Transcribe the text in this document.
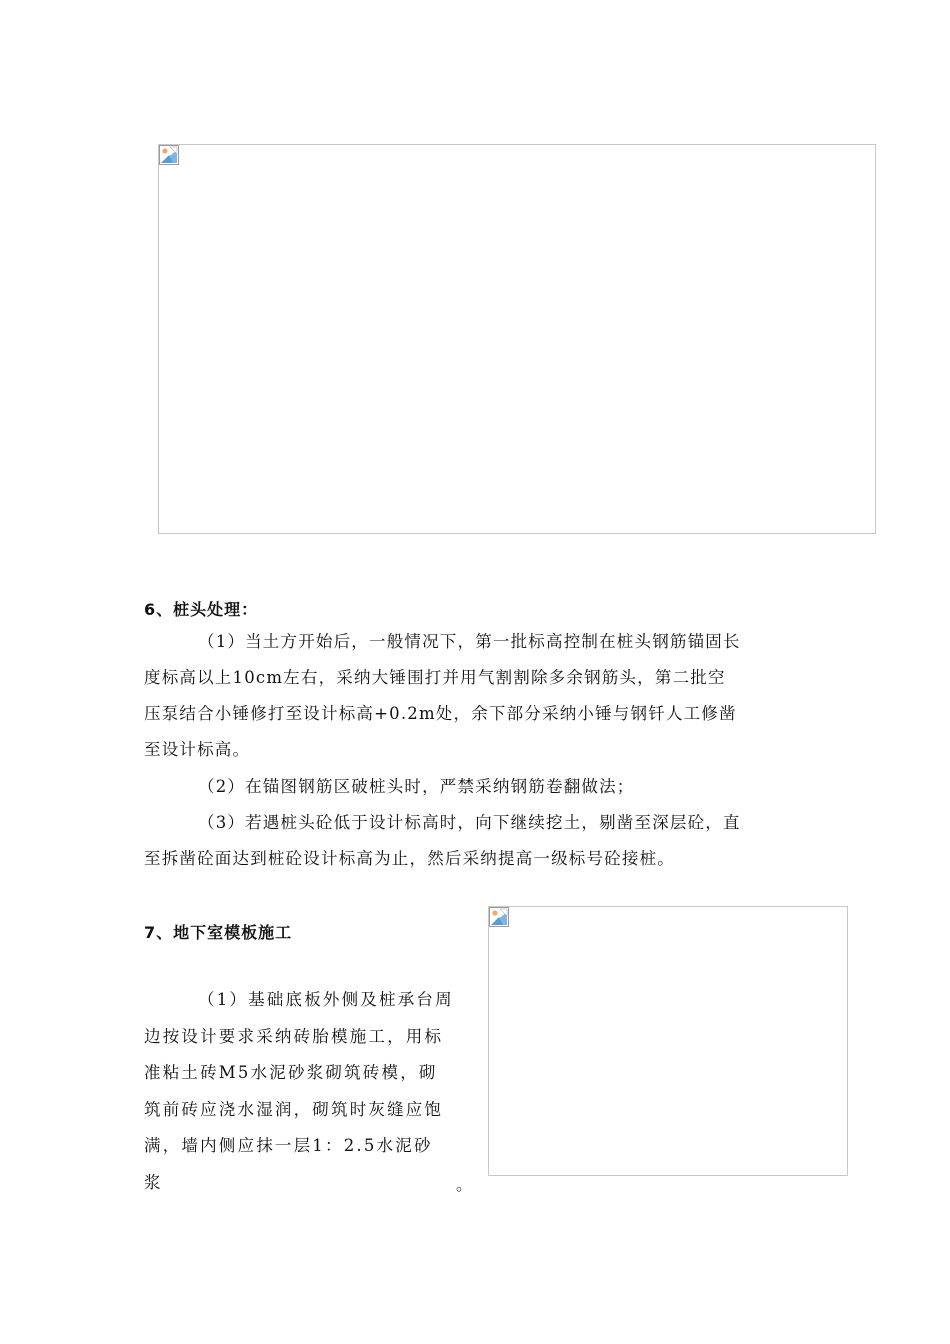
6、桩头处理：
（1）当土方开始后，一般情况下，第一批标高控制在桩头钢筋锚固长
度标高以上10cm左右，采纳大锤围打并用气割割除多余钢筋头，第二批空
压泵结合小锤修打至设计标高+0.2m处，余下部分采纳小锤与钢钎人工修凿
至设计标高。
（2）在锚图钢筋区破桩头时，严禁采纳钢筋卷翻做法；
（3）若遇桩头砼低于设计标高时，向下继续挖土，剔凿至深层砼，直
至拆凿砼面达到桩砼设计标高为止，然后采纳提高一级标号砼接桩。
7、地下室模板施工
（1）基础底板外侧及桩承台周
边按设计要求采纳砖胎模施工，用标
准粘土砖M5水泥砂浆砌筑砖模，砌
筑前砖应浇水湿润，砌筑时灰缝应饱
满，墙内侧应抹一层1：2.5水泥砂
浆	。
